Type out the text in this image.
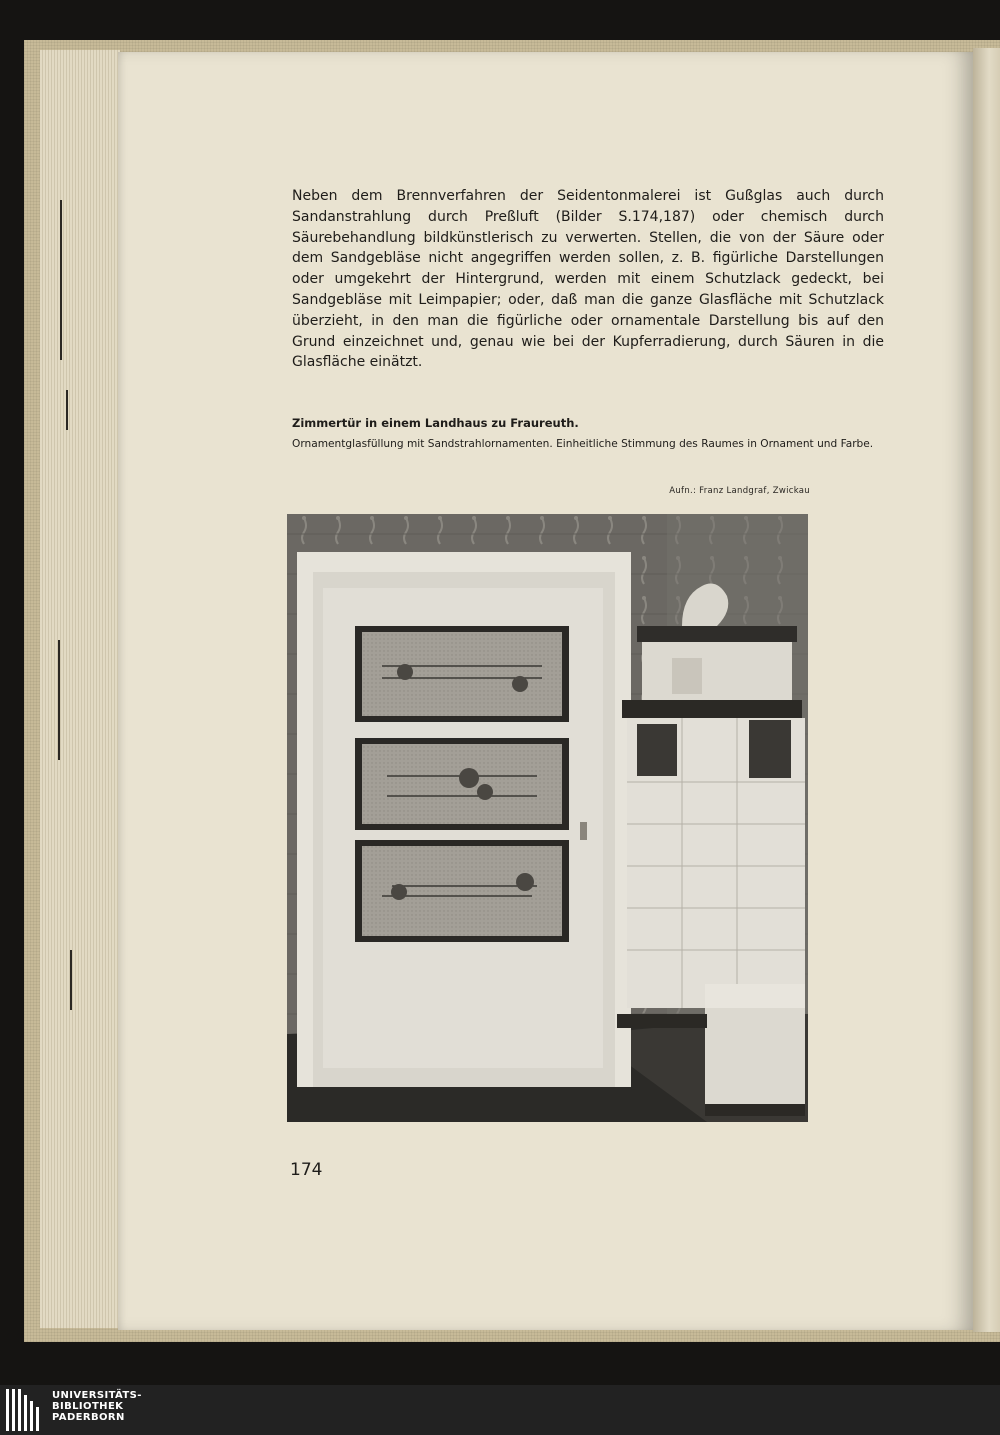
Neben dem Brennverfahren der Seidentonmalerei ist Gußglas auch durch Sandanstrahlung durch Preßluft (Bilder S.174,187) oder chemisch durch Säurebehandlung bildkünstlerisch zu verwerten. Stellen, die von der Säure oder dem Sandgebläse nicht angegriffen werden sollen, z. B. figürliche Darstellungen oder umgekehrt der Hintergrund, werden mit einem Schutzlack gedeckt, bei Sandgebläse mit Leimpapier; oder, daß man die ganze Glasfläche mit Schutzlack überzieht, in den man die figürliche oder ornamentale Darstellung bis auf den Grund einzeichnet und, genau wie bei der Kupferradierung, durch Säuren in die Glasfläche einätzt.

Zimmertür in einem Landhaus zu Fraureuth.

Ornamentglasfüllung mit Sandstrahlornamenten. Einheitliche Stimmung des Raumes in Ornament und Farbe.

Aufn.: Franz Landgraf, Zwickau
174
UNIVERSITÄTS-
BIBLIOTHEK
PADERBORN
